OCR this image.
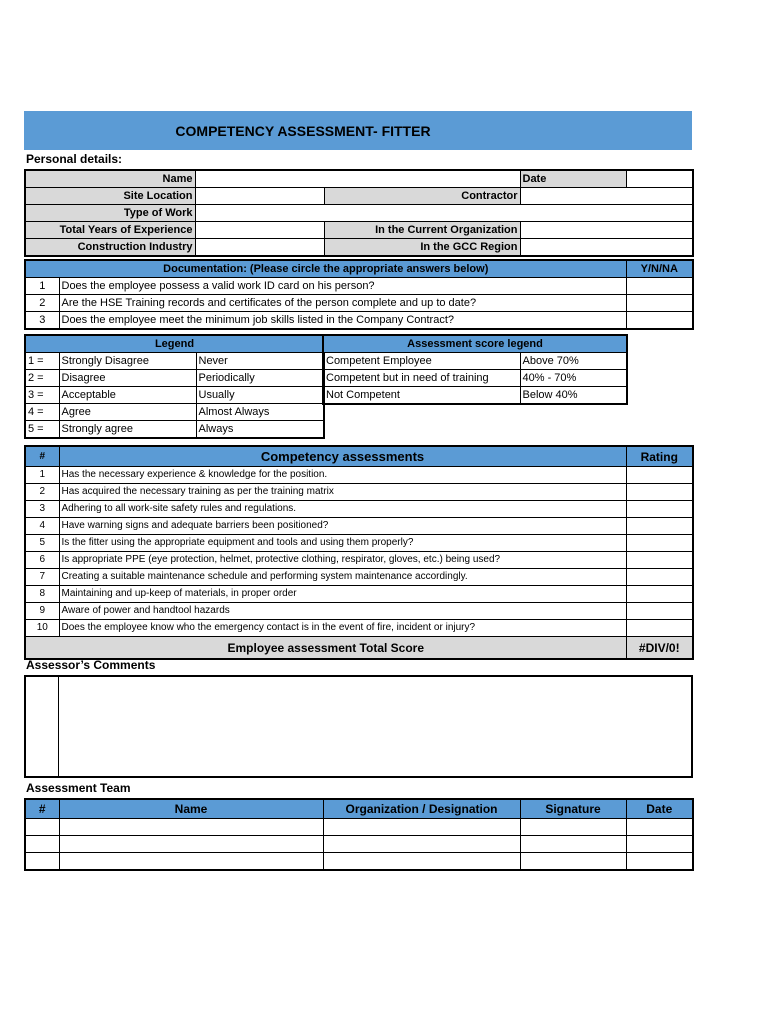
COMPETENCY ASSESSMENT- FITTER
Personal details:
Name			Date	
Site Location		Contractor		
Type of Work				
Total Years of Experience		In the Current Organization		
Construction Industry		In the GCC Region		
Documentation: (Please circle the appropriate answers below)		Y/N/NA
1	Does the employee possess a valid work ID card on his person?	
2	Are the HSE Training records and certificates of the person complete and up to date?	
3	Does the employee meet the minimum job skills listed in the Company Contract?	
Legend		
1 =	Strongly Disagree	Never
2 =	Disagree	Periodically
3 =	Acceptable	Usually
4 =	Agree	Almost Always
5 =	Strongly agree	Always
Assessment score legend	
Competent Employee	Above 70%
Competent but in need of training	40% - 70%
Not Competent	Below 40%
#	Competency assessments	Rating
1	Has the necessary experience & knowledge for the position.	
2	Has acquired the necessary training as per the training matrix	
3	Adhering to all work-site safety rules and regulations.	
4	Have warning signs and adequate barriers been positioned?	
5	Is the fitter using the appropriate equipment and tools and using them properly?	
6	Is appropriate PPE (eye protection, helmet, protective clothing, respirator, gloves, etc.) being used?	
7	Creating a suitable maintenance schedule and performing system maintenance accordingly.	
8	Maintaining and up-keep of materials, in proper order	
9	Aware of power and handtool hazards	
10	Does the employee know who the emergency contact is in the event of fire, incident or injury?	
Employee assessment Total Score		#DIV/0!
Assessor’s Comments
Assessment Team
#	Name	Organization / Designation	Signature	Date
